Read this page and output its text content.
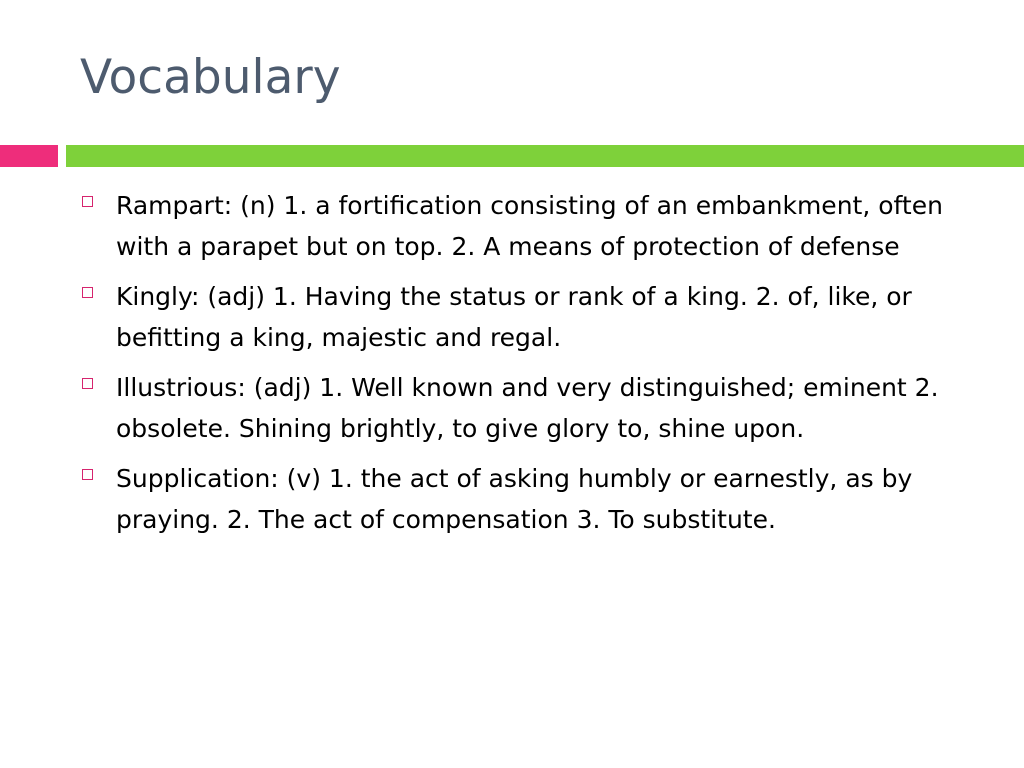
Vocabulary
Rampart: (n) 1. a fortification consisting of an embankment, often with a parapet but on top. 2. A means of protection of defense
Kingly: (adj) 1. Having the status or rank of a king. 2. of, like, or befitting a king, majestic and regal.
Illustrious: (adj) 1. Well known and very distinguished; eminent 2. obsolete. Shining brightly, to give glory to, shine upon.
Supplication: (v) 1. the act of asking humbly or earnestly, as by praying. 2. The act of compensation 3. To substitute.
